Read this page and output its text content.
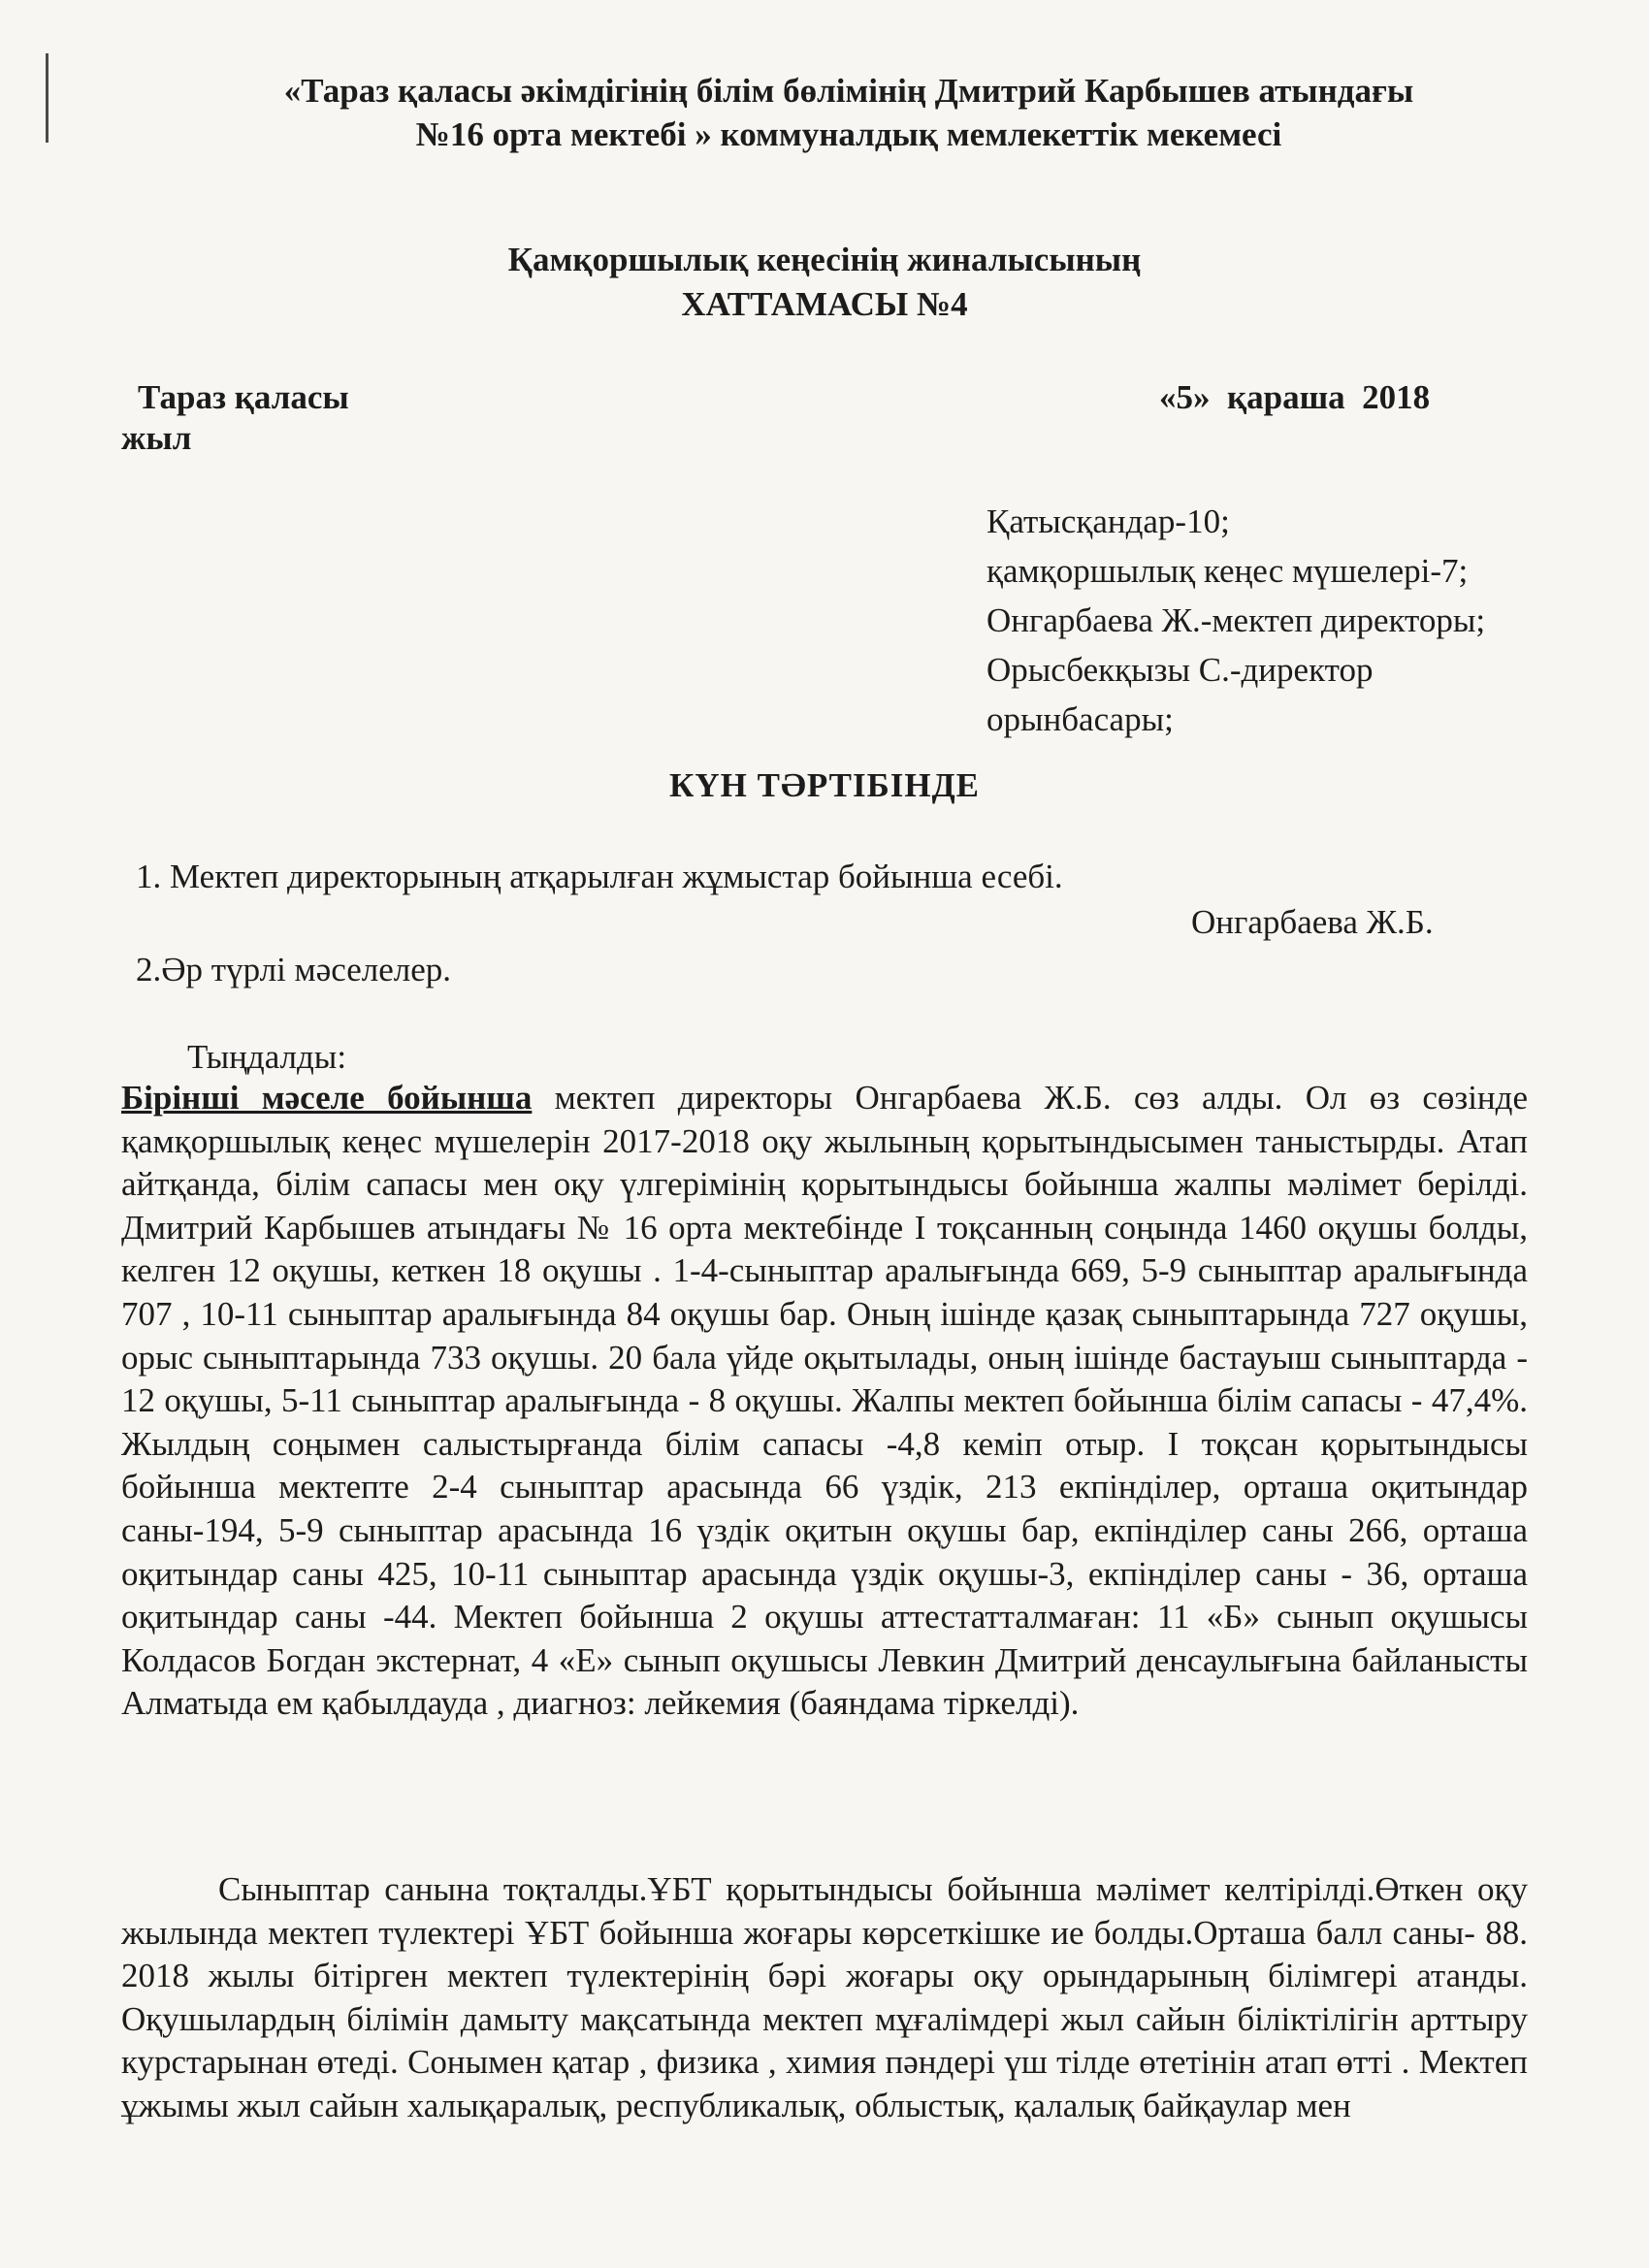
«Тараз қаласы әкімдігінің білім бөлімінің Дмитрий Карбышев атындағы
№16 орта мектебі » коммуналдық мемлекеттік мекемесі
Қамқоршылық кеңесінің жиналысының
ХАТТАМАСЫ №4
Тараз қаласы
жыл
«5»  қараша  2018
Қатысқандар-10;
қамқоршылық кеңес мүшелері-7;
Онгарбаева Ж.-мектеп директоры;
Орысбекқызы С.-директор
орынбасары;
КҮН ТӘРТІБІНДЕ
1. Мектеп директорының атқарылған жұмыстар бойынша есебі.
Онгарбаева Ж.Б.
2.Әр түрлі мәселелер.
Тыңдалды:
Бірінші мәселе бойынша мектеп директоры Онгарбаева Ж.Б. сөз алды. Ол өз сөзінде қамқоршылық кеңес мүшелерін 2017-2018 оқу жылының қорытындысымен таныстырды. Атап айтқанда, білім сапасы мен оқу үлгерімінің қорытындысы бойынша жалпы мәлімет берілді. Дмитрий Карбышев атындағы № 16 орта мектебінде І тоқсанның соңында 1460 оқушы болды, келген 12 оқушы, кеткен 18 оқушы . 1-4-сыныптар аралығында 669, 5-9 сыныптар аралығында 707 , 10-11 сыныптар аралығында 84 оқушы бар. Оның ішінде қазақ сыныптарында 727 оқушы, орыс сыныптарында 733 оқушы. 20 бала үйде оқытылады, оның ішінде бастауыш сыныптарда - 12 оқушы, 5-11 сыныптар аралығында - 8 оқушы. Жалпы мектеп бойынша білім сапасы - 47,4%. Жылдың соңымен салыстырғанда білім сапасы -4,8 кеміп отыр. І тоқсан қорытындысы бойынша мектепте 2-4 сыныптар арасында 66 үздік, 213 екпінділер, орташа оқитындар саны-194, 5-9 сыныптар арасында 16 үздік оқитын оқушы бар, екпінділер саны 266, орташа оқитындар саны 425, 10-11 сыныптар арасында үздік оқушы-3, екпінділер саны - 36, орташа оқитындар саны -44. Мектеп бойынша 2 оқушы аттестатталмаған: 11 «Б» сынып оқушысы Колдасов Богдан экстернат, 4 «Е» сынып оқушысы Левкин Дмитрий денсаулығына байланысты Алматыда ем қабылдауда , диагноз: лейкемия (баяндама тіркелді).
Сыныптар санына тоқталды.ҰБТ қорытындысы бойынша мәлімет келтірілді.Өткен оқу жылында мектеп түлектері ҰБТ бойынша жоғары көрсеткішке ие болды.Орташа балл саны- 88. 2018 жылы бітірген мектеп түлектерінің бәрі жоғары оқу орындарының білімгері атанды. Оқушылардың білімін дамыту мақсатында мектеп мұғалімдері жыл сайын біліктілігін арттыру курстарынан өтеді. Сонымен қатар , физика , химия пәндері үш тілде өтетінін атап өтті . Мектеп ұжымы жыл сайын халықаралық, республикалық, облыстық, қалалық байқаулар мен
